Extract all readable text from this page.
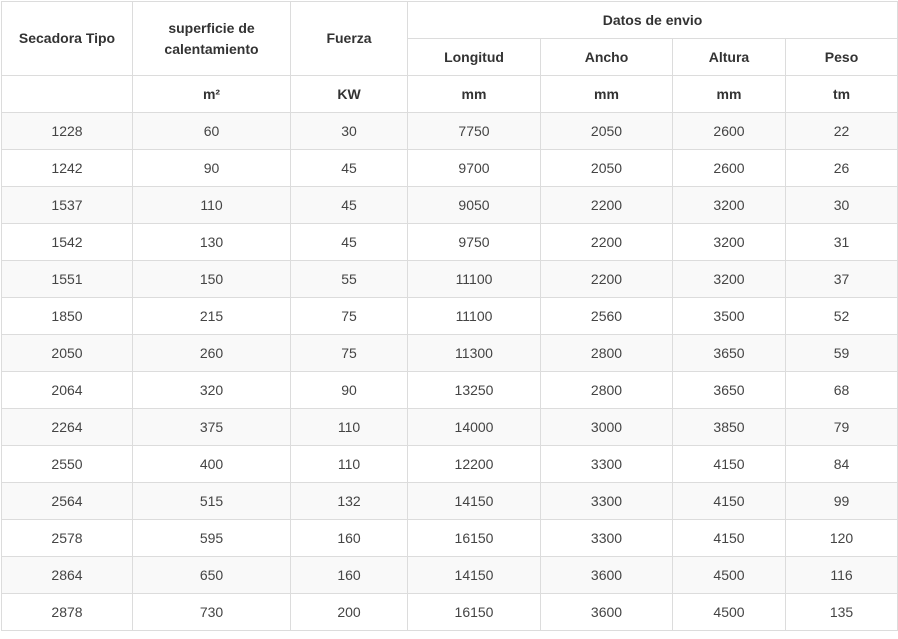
Secadora Tipo	superficie de calentamiento	Fuerza	Datos de envio			
			Longitud	Ancho	Altura	Peso
	m²	KW	mm	mm	mm	tm
1228	60	30	7750	2050	2600	22
1242	90	45	9700	2050	2600	26
1537	110	45	9050	2200	3200	30
1542	130	45	9750	2200	3200	31
1551	150	55	11100	2200	3200	37
1850	215	75	11100	2560	3500	52
2050	260	75	11300	2800	3650	59
2064	320	90	13250	2800	3650	68
2264	375	110	14000	3000	3850	79
2550	400	110	12200	3300	4150	84
2564	515	132	14150	3300	4150	99
2578	595	160	16150	3300	4150	120
2864	650	160	14150	3600	4500	116
2878	730	200	16150	3600	4500	135
